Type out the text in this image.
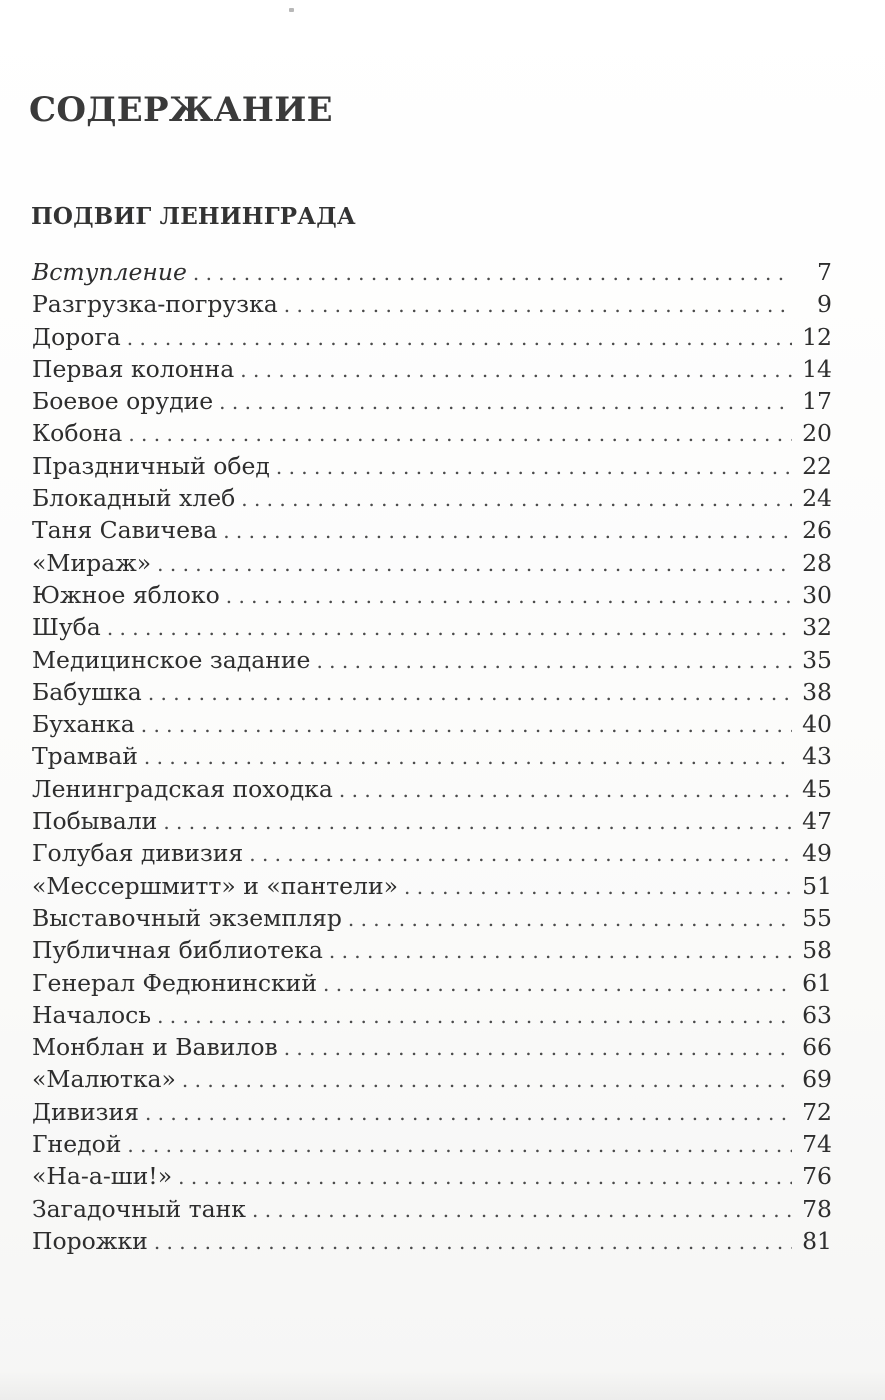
СОДЕРЖАНИЕ
ПОДВИГ ЛЕНИНГРАДА
Вступление . . .	7
Разгрузка-погрузка . . .	9
Дорога . . .	12
Первая колонна . . .	14
Боевое орудие . . .	17
Кобона . . .	20
Праздничный обед . . .	22
Блокадный хлеб . . .	24
Таня Савичева . . .	26
«Мираж» . . .	28
Южное яблоко . . .	30
Шуба . . .	32
Медицинское задание . . .	35
Бабушка . . .	38
Буханка . . .	40
Трамвай . . .	43
Ленинградская походка . . .	45
Побывали . . .	47
Голубая дивизия . . .	49
«Мессершмитт» и «пантели» . . .	51
Выставочный экземпляр . . .	55
Публичная библиотека . . .	58
Генерал Федюнинский . . .	61
Началось . . .	63
Монблан и Вавилов . . .	66
«Малютка» . . .	69
Дивизия . . .	72
Гнедой . . .	74
«На-а-ши!» . . .	76
Загадочный танк . . .	78
Порожки . . .	81
